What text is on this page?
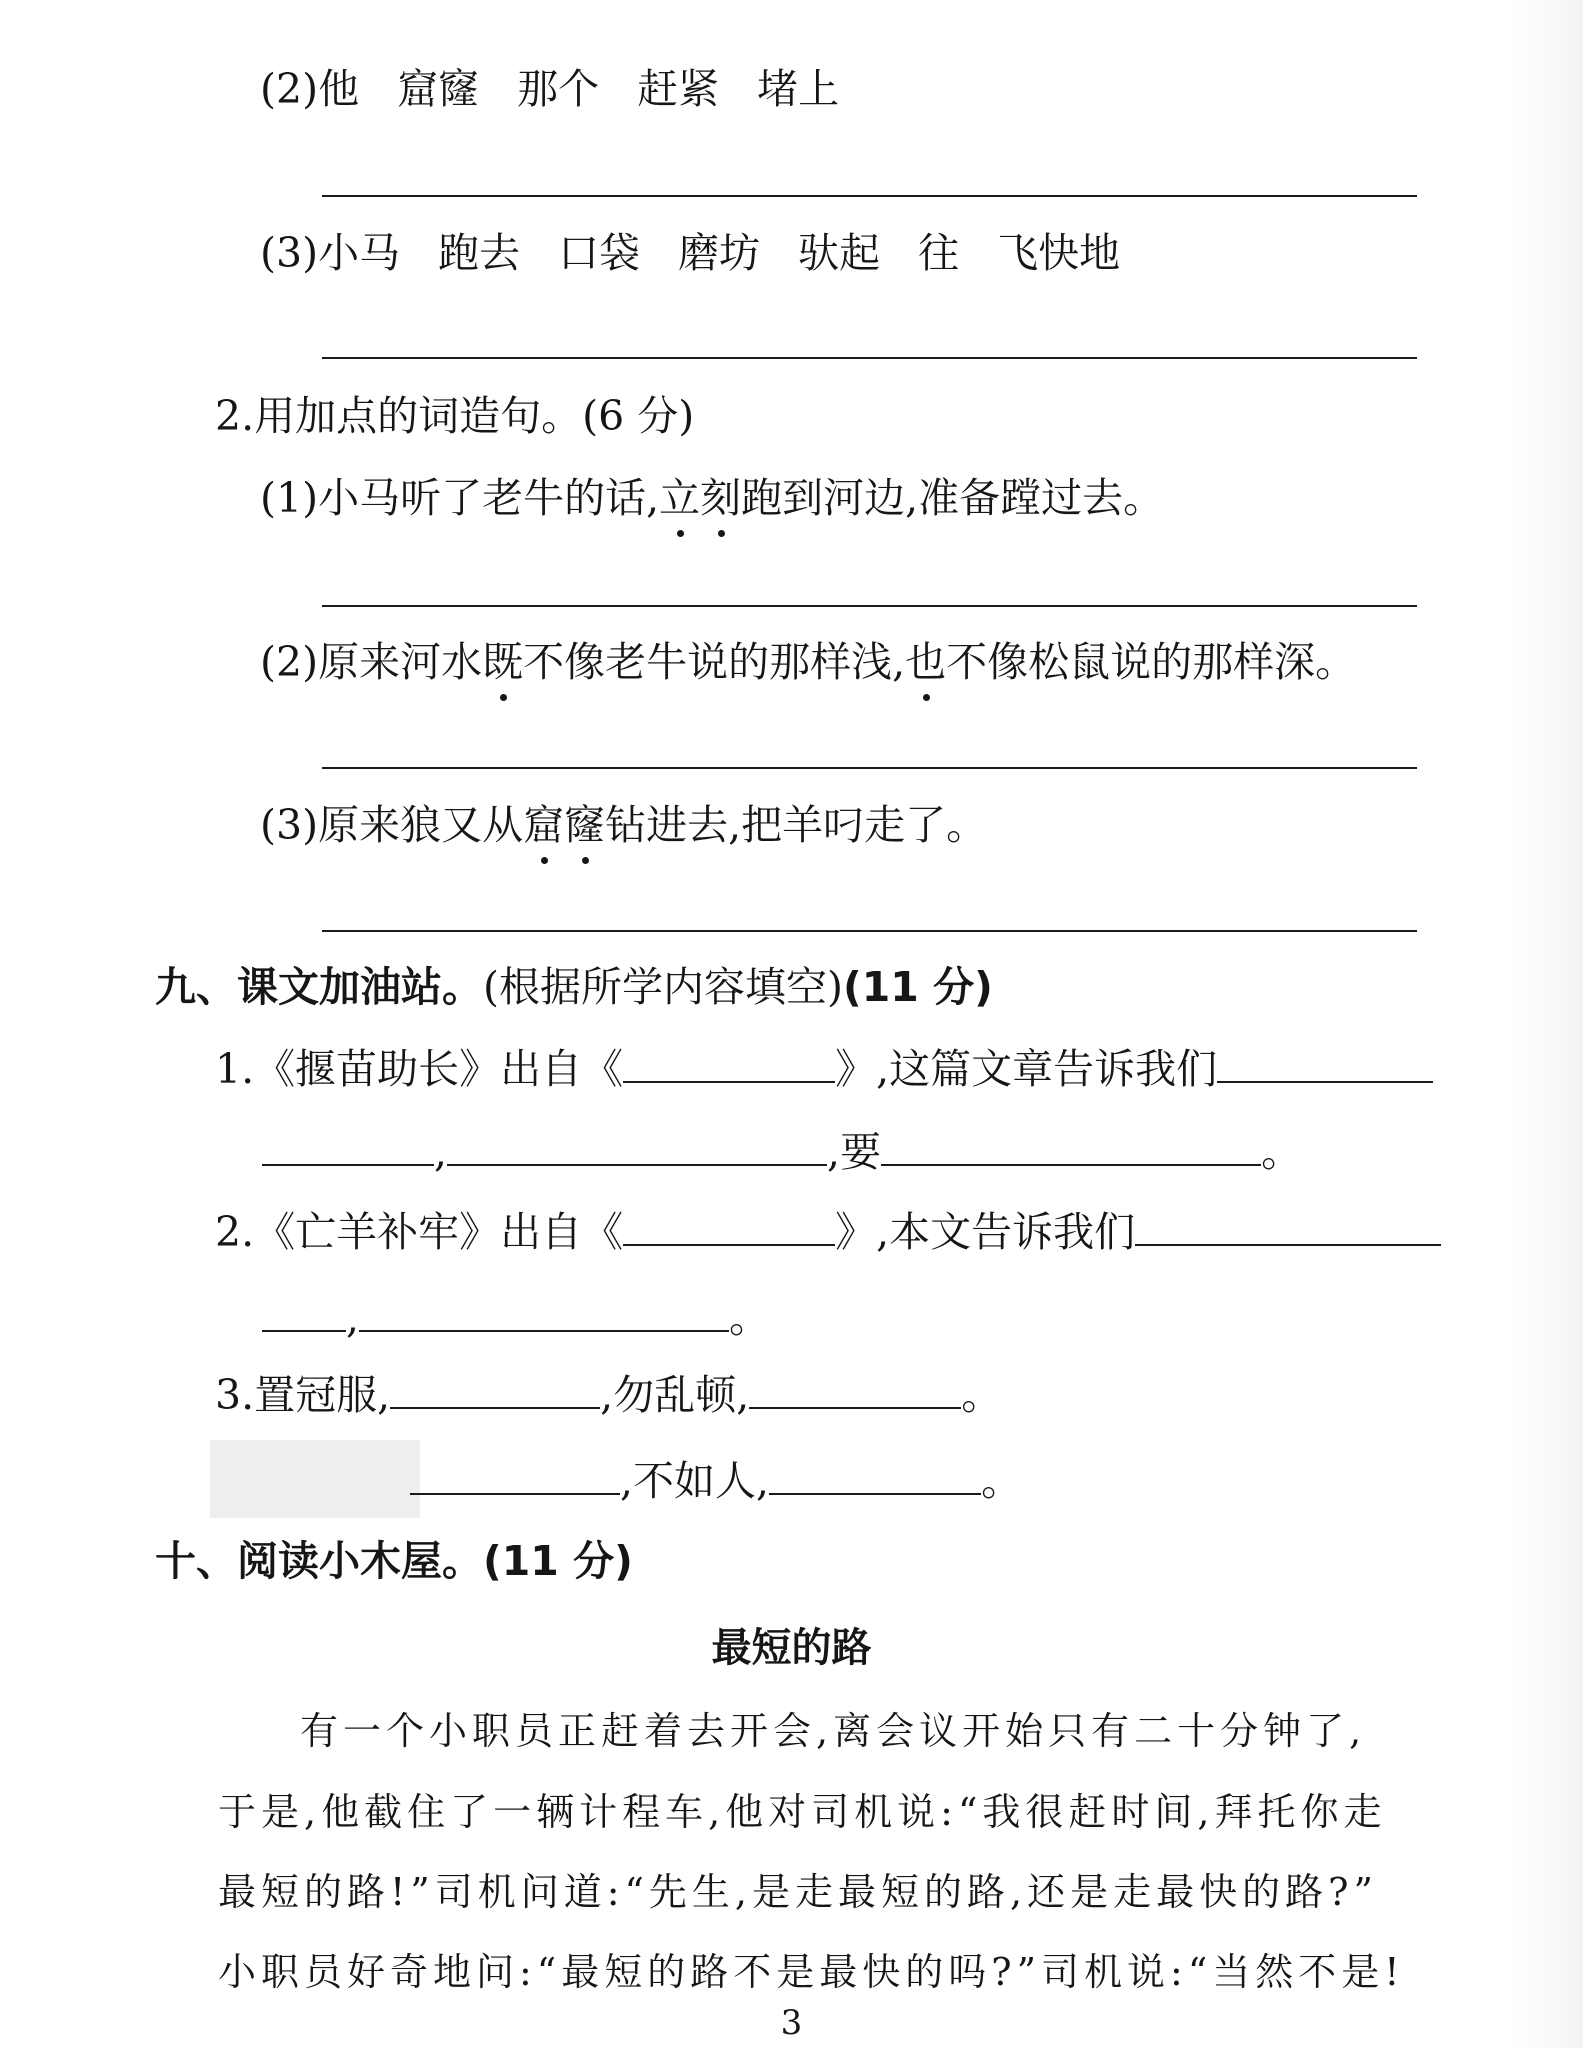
(2)他 窟窿 那个 赶紧 堵上
(3)小马 跑去 口袋 磨坊 驮起 往 飞快地
2.用加点的词造句。(6 分)
(1)小马听了老牛的话,立刻跑到河边,准备蹚过去。
(2)原来河水既不像老牛说的那样浅,也不像松鼠说的那样深。
(3)原来狼又从窟窿钻进去,把羊叼走了。
九、课文加油站。(根据所学内容填空)(11 分)
1.《揠苗助长》出自《	》,这篇文章告诉我们
,	,要	。
2.《亡羊补牢》出自《	》,本文告诉我们
,	。
3.置冠服,	,勿乱顿,	。
,不如人,	。
十、阅读小木屋。(11 分)
最短的路
有一个小职员正赶着去开会,离会议开始只有二十分钟了,
于是,他截住了一辆计程车,他对司机说:“我很赶时间,拜托你走
最短的路!”司机问道:“先生,是走最短的路,还是走最快的路?”
小职员好奇地问:“最短的路不是最快的吗?”司机说:“当然不是!
3
